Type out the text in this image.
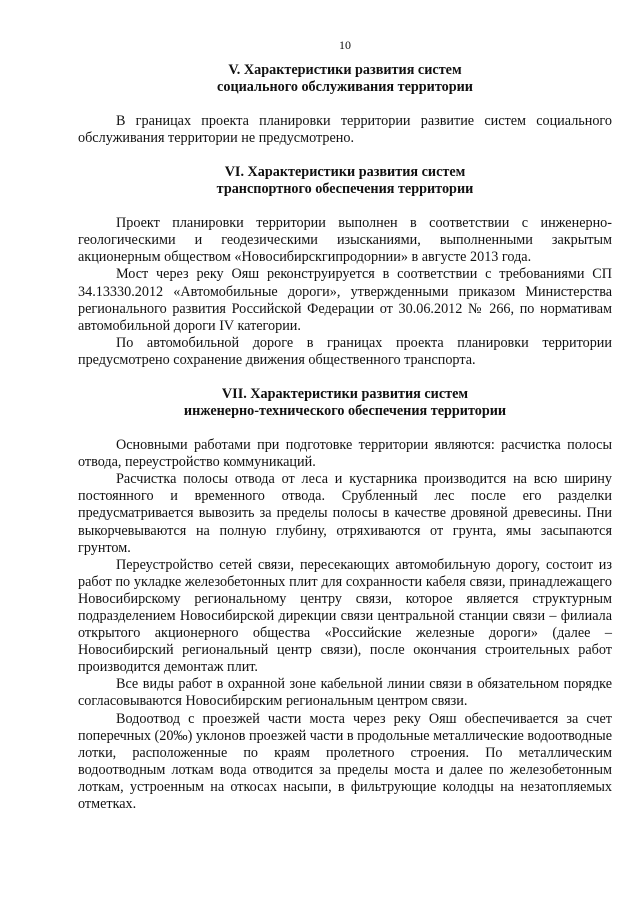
10
V. Характеристики развития систем
социального обслуживания территории

В границах проекта планировки территории развитие систем социального обслуживания территории не предусмотрено.

VI. Характеристики развития систем
транспортного обеспечения территории

Проект планировки территории выполнен в соответствии с инженерно-геологическими и геодезическими изысканиями, выполненными закрытым акционерным обществом «Новосибирскгипродорнии» в августе 2013 года.

Мост через реку Ояш реконструируется в соответствии с требованиями СП 34.13330.2012 «Автомобильные дороги», утвержденными приказом Министерства регионального развития Российской Федерации от 30.06.2012 № 266, по нормативам автомобильной дороги IV категории.

По автомобильной дороге в границах проекта планировки территории предусмотрено сохранение движения общественного транспорта.

VII. Характеристики развития систем
инженерно-технического обеспечения территории

Основными работами при подготовке территории являются: расчистка полосы отвода, переустройство коммуникаций.

Расчистка полосы отвода от леса и кустарника производится на всю ширину постоянного и временного отвода. Срубленный лес после его разделки предусматривается вывозить за пределы полосы в качестве дровяной древесины. Пни выкорчевываются на полную глубину, отряхиваются от грунта, ямы засыпаются грунтом.

Переустройство сетей связи, пересекающих автомобильную дорогу, состоит из работ по укладке железобетонных плит для сохранности кабеля связи, принадлежащего Новосибирскому региональному центру связи, которое является структурным подразделением Новосибирской дирекции связи центральной станции связи – филиала открытого акционерного общества «Российские железные дороги» (далее – Новосибирский региональный центр связи), после окончания строительных работ производится демонтаж плит.

Все виды работ в охранной зоне кабельной линии связи в обязательном порядке согласовываются Новосибирским региональным центром связи.

Водоотвод с проезжей части моста через реку Ояш обеспечивается за счет поперечных (20‰) уклонов проезжей части в продольные металлические водоотводные лотки, расположенные по краям пролетного строения. По металлическим водоотводным лоткам вода отводится за пределы моста и далее по железобетонным лоткам, устроенным на откосах насыпи, в фильтрующие колодцы на незатопляемых отметках.
